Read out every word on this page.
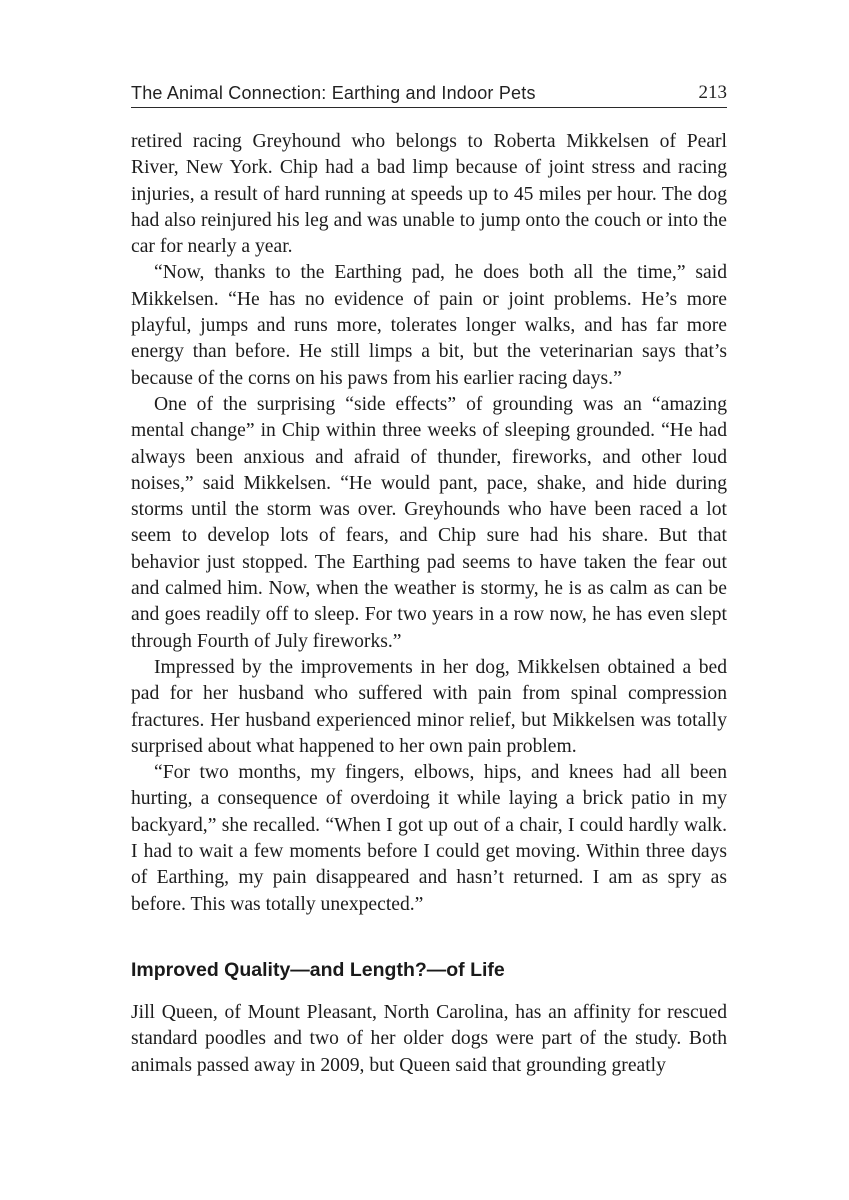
The Animal Connection: Earthing and Indoor Pets	213

retired racing Greyhound who belongs to Roberta Mikkelsen of Pearl River, New York. Chip had a bad limp because of joint stress and racing injuries, a result of hard running at speeds up to 45 miles per hour. The dog had also reinjured his leg and was unable to jump onto the couch or into the car for nearly a year.

“Now, thanks to the Earthing pad, he does both all the time,” said Mikkelsen. “He has no evidence of pain or joint problems. He’s more playful, jumps and runs more, tolerates longer walks, and has far more energy than before. He still limps a bit, but the veterinarian says that’s because of the corns on his paws from his earlier racing days.”

One of the surprising “side effects” of grounding was an “amazing mental change” in Chip within three weeks of sleeping grounded. “He had always been anxious and afraid of thunder, fireworks, and other loud noises,” said Mikkelsen. “He would pant, pace, shake, and hide during storms until the storm was over. Greyhounds who have been raced a lot seem to develop lots of fears, and Chip sure had his share. But that behavior just stopped. The Earthing pad seems to have taken the fear out and calmed him. Now, when the weather is stormy, he is as calm as can be and goes readily off to sleep. For two years in a row now, he has even slept through Fourth of July fireworks.”

Impressed by the improvements in her dog, Mikkelsen obtained a bed pad for her husband who suffered with pain from spinal compression fractures. Her husband experienced minor relief, but Mikkelsen was totally surprised about what happened to her own pain problem.

“For two months, my fingers, elbows, hips, and knees had all been hurting, a consequence of overdoing it while laying a brick patio in my backyard,” she recalled. “When I got up out of a chair, I could hardly walk. I had to wait a few moments before I could get moving. Within three days of Earthing, my pain disappeared and hasn’t returned. I am as spry as before. This was totally unexpected.”

Improved Quality—and Length?—of Life

Jill Queen, of Mount Pleasant, North Carolina, has an affinity for rescued standard poodles and two of her older dogs were part of the study. Both animals passed away in 2009, but Queen said that grounding greatly
